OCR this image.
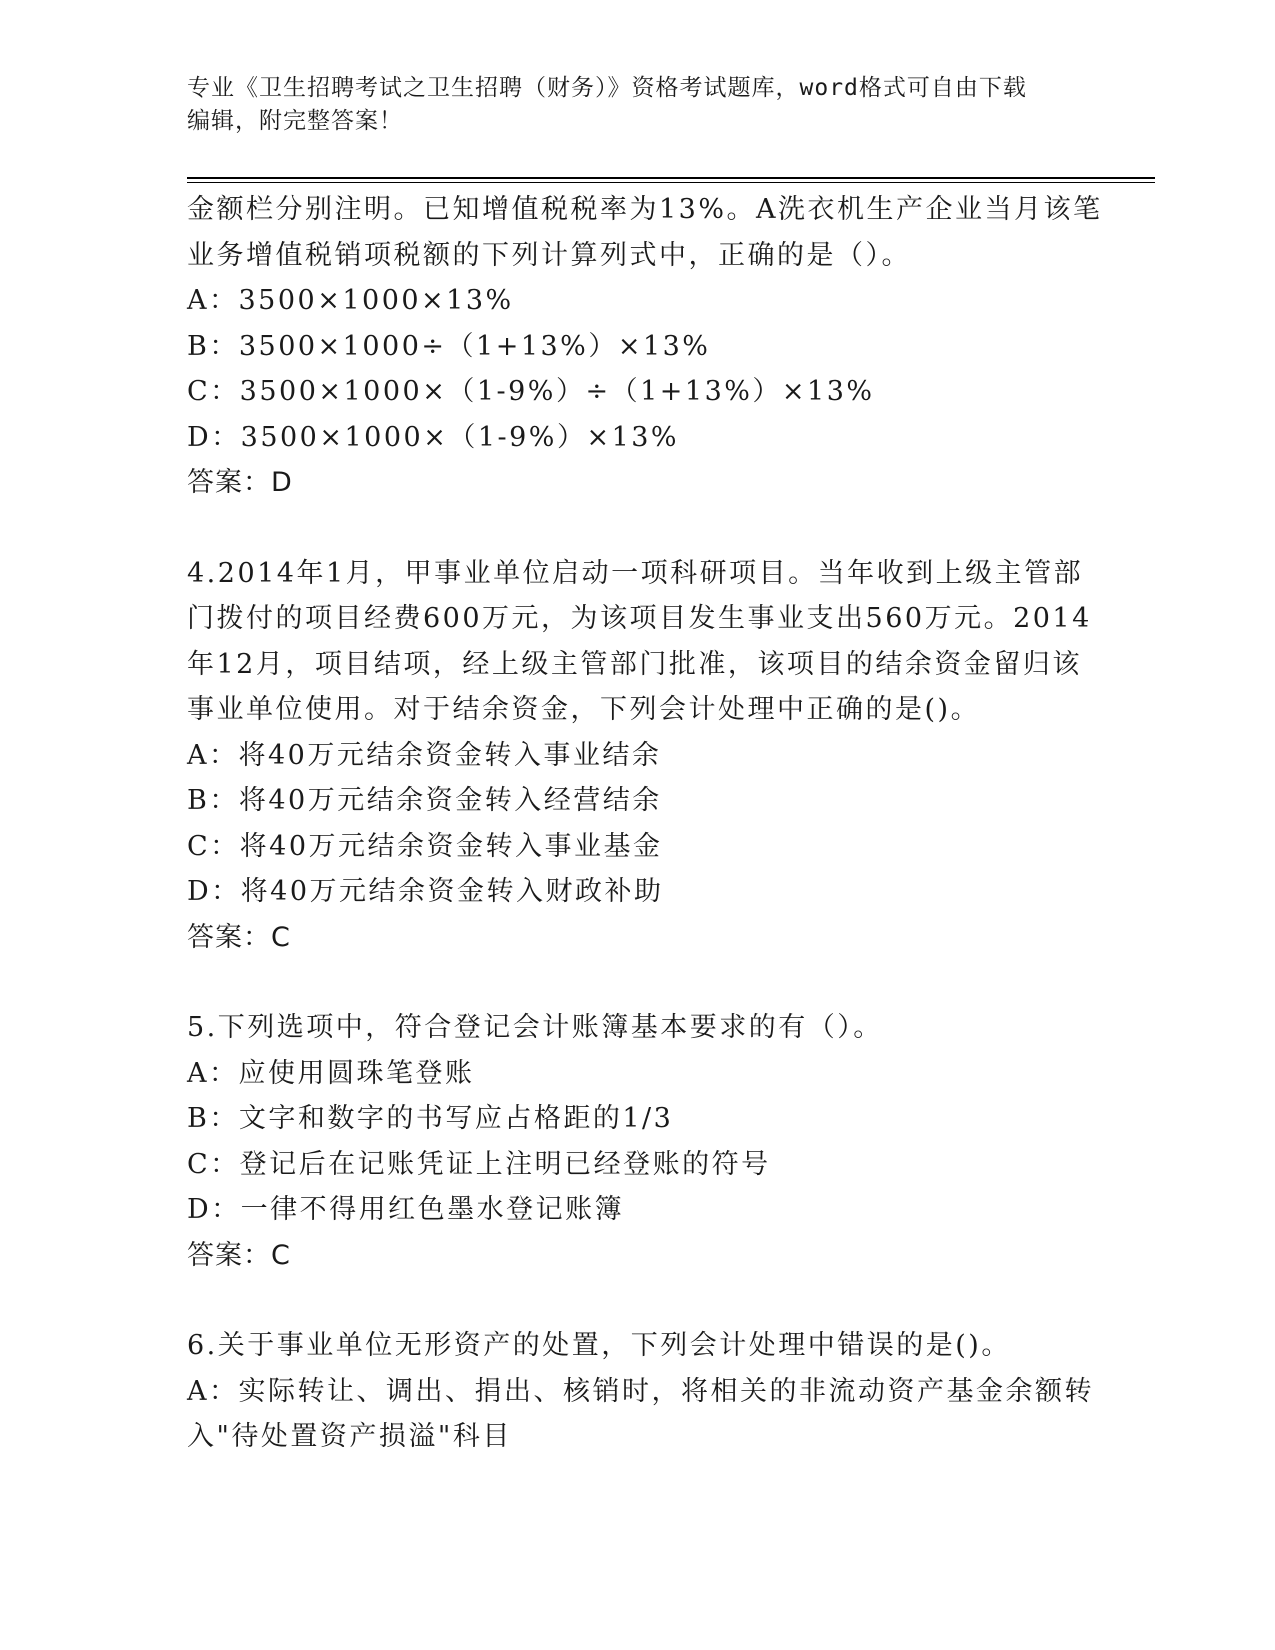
专业《卫生招聘考试之卫生招聘（财务）》资格考试题库，word格式可自由下载
编辑，附完整答案！

金额栏分别注明。已知增值税税率为13%。A洗衣机生产企业当月该笔

业务增值税销项税额的下列计算列式中，正确的是（）。

A：3500×1000×13%

B：3500×1000÷（1+13%）×13%

C：3500×1000×（1-9%）÷（1+13%）×13%

D：3500×1000×（1-9%）×13%

答案：D

4.2014年1月，甲事业单位启动一项科研项目。当年收到上级主管部

门拨付的项目经费600万元，为该项目发生事业支出560万元。2014

年12月，项目结项，经上级主管部门批准，该项目的结余资金留归该

事业单位使用。对于结余资金，下列会计处理中正确的是()。

A：将40万元结余资金转入事业结余

B：将40万元结余资金转入经营结余

C：将40万元结余资金转入事业基金

D：将40万元结余资金转入财政补助

答案：C

5.下列选项中，符合登记会计账簿基本要求的有（）。

A：应使用圆珠笔登账

B：文字和数字的书写应占格距的1/3

C：登记后在记账凭证上注明已经登账的符号

D：一律不得用红色墨水登记账簿

答案：C

6.关于事业单位无形资产的处置，下列会计处理中错误的是()。

A：实际转让、调出、捐出、核销时，将相关的非流动资产基金余额转

入"待处置资产损溢"科目
